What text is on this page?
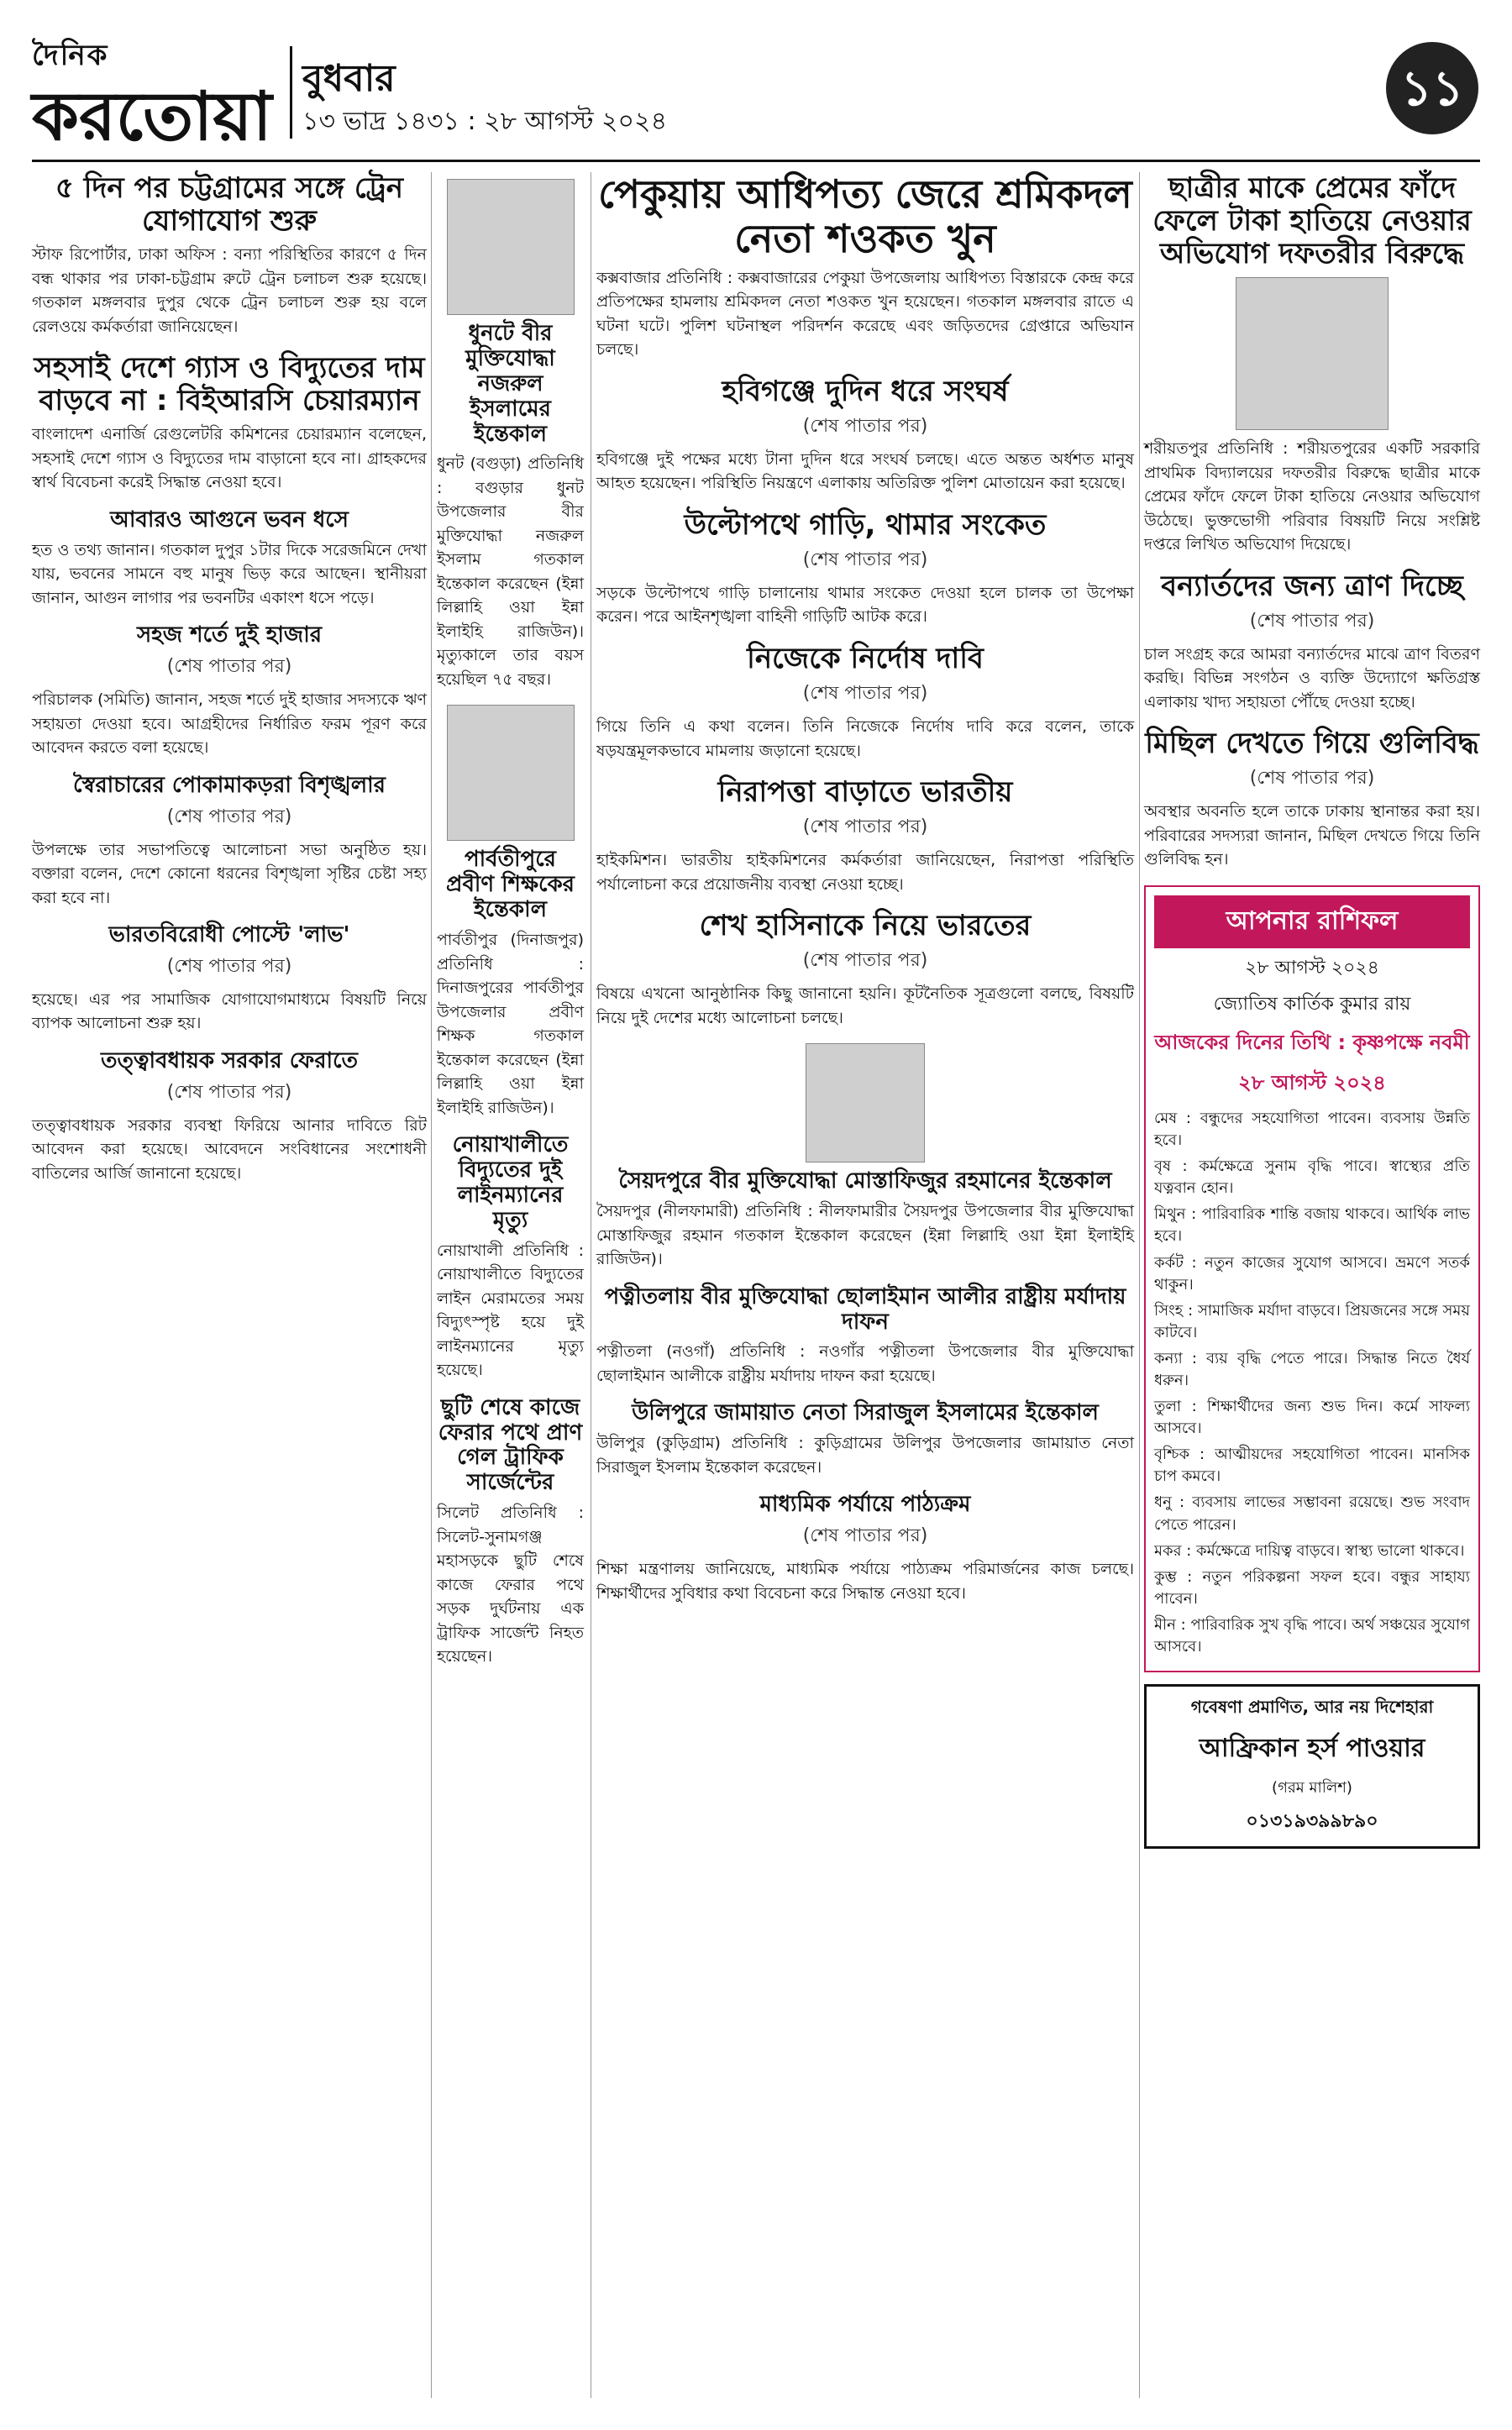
দৈনিক
করতোয়া বুধবার
১৩ ভাদ্র ১৪৩১ : ২৮ আগস্ট ২০২৪
১১
৫ দিন পর চট্টগ্রামের সঙ্গে ট্রেন যোগাযোগ শুরু

স্টাফ রিপোর্টার, ঢাকা অফিস : বন্যা পরিস্থিতির কারণে ৫ দিন বন্ধ থাকার পর ঢাকা-চট্টগ্রাম রুটে ট্রেন চলাচল শুরু হয়েছে। গতকাল মঙ্গলবার দুপুর থেকে ট্রেন চলাচল শুরু হয় বলে রেলওয়ে কর্মকর্তারা জানিয়েছেন।

সহসাই দেশে গ্যাস ও বিদ্যুতের দাম বাড়বে না : বিইআরসি চেয়ারম্যান

বাংলাদেশ এনার্জি রেগুলেটরি কমিশনের চেয়ারম্যান বলেছেন, সহসাই দেশে গ্যাস ও বিদ্যুতের দাম বাড়ানো হবে না। গ্রাহকদের স্বার্থ বিবেচনা করেই সিদ্ধান্ত নেওয়া হবে।

আবারও আগুনে ভবন ধসে

হত ও তথ্য জানান। গতকাল দুপুর ১টার দিকে সরেজমিনে দেখা যায়, ভবনের সামনে বহু মানুষ ভিড় করে আছেন। স্থানীয়রা জানান, আগুন লাগার পর ভবনটির একাংশ ধসে পড়ে।

সহজ শর্তে দুই হাজার
(শেষ পাতার পর)

পরিচালক (সমিতি) জানান, সহজ শর্তে দুই হাজার সদস্যকে ঋণ সহায়তা দেওয়া হবে। আগ্রহীদের নির্ধারিত ফরম পূরণ করে আবেদন করতে বলা হয়েছে।

স্বৈরাচারের পোকামাকড়রা বিশৃঙ্খলার
(শেষ পাতার পর)

উপলক্ষে তার সভাপতিত্বে আলোচনা সভা অনুষ্ঠিত হয়। বক্তারা বলেন, দেশে কোনো ধরনের বিশৃঙ্খলা সৃষ্টির চেষ্টা সহ্য করা হবে না।

ভারতবিরোধী পোস্টে 'লাভ'
(শেষ পাতার পর)

হয়েছে। এর পর সামাজিক যোগাযোগমাধ্যমে বিষয়টি নিয়ে ব্যাপক আলোচনা শুরু হয়।

তত্ত্বাবধায়ক সরকার ফেরাতে
(শেষ পাতার পর)

তত্ত্বাবধায়ক সরকার ব্যবস্থা ফিরিয়ে আনার দাবিতে রিট আবেদন করা হয়েছে। আবেদনে সংবিধানের সংশোধনী বাতিলের আর্জি জানানো হয়েছে।

ধুনটে বীর মুক্তিযোদ্ধা নজরুল ইসলামের ইন্তেকাল

ধুনট (বগুড়া) প্রতিনিধি : বগুড়ার ধুনট উপজেলার বীর মুক্তিযোদ্ধা নজরুল ইসলাম গতকাল ইন্তেকাল করেছেন (ইন্না লিল্লাহি ওয়া ইন্না ইলাইহি রাজিউন)। মৃত্যুকালে তার বয়স হয়েছিল ৭৫ বছর।

পার্বতীপুরে প্রবীণ শিক্ষকের ইন্তেকাল

পার্বতীপুর (দিনাজপুর) প্রতিনিধি : দিনাজপুরের পার্বতীপুর উপজেলার প্রবীণ শিক্ষক গতকাল ইন্তেকাল করেছেন (ইন্না লিল্লাহি ওয়া ইন্না ইলাইহি রাজিউন)।

নোয়াখালীতে বিদ্যুতের দুই লাইনম্যানের মৃত্যু

নোয়াখালী প্রতিনিধি : নোয়াখালীতে বিদ্যুতের লাইন মেরামতের সময় বিদ্যুৎস্পৃষ্ট হয়ে দুই লাইনম্যানের মৃত্যু হয়েছে।

ছুটি শেষে কাজে ফেরার পথে প্রাণ গেল ট্রাফিক সার্জেন্টের

সিলেট প্রতিনিধি : সিলেট-সুনামগঞ্জ মহাসড়কে ছুটি শেষে কাজে ফেরার পথে সড়ক দুর্ঘটনায় এক ট্রাফিক সার্জেন্ট নিহত হয়েছেন।

পেকুয়ায় আধিপত্য জেরে শ্রমিকদল নেতা শওকত খুন

কক্সবাজার প্রতিনিধি : কক্সবাজারের পেকুয়া উপজেলায় আধিপত্য বিস্তারকে কেন্দ্র করে প্রতিপক্ষের হামলায় শ্রমিকদল নেতা শওকত খুন হয়েছেন। গতকাল মঙ্গলবার রাতে এ ঘটনা ঘটে। পুলিশ ঘটনাস্থল পরিদর্শন করেছে এবং জড়িতদের গ্রেপ্তারে অভিযান চলছে।

হবিগঞ্জে দুদিন ধরে সংঘর্ষ
(শেষ পাতার পর)

হবিগঞ্জে দুই পক্ষের মধ্যে টানা দুদিন ধরে সংঘর্ষ চলছে। এতে অন্তত অর্ধশত মানুষ আহত হয়েছেন। পরিস্থিতি নিয়ন্ত্রণে এলাকায় অতিরিক্ত পুলিশ মোতায়েন করা হয়েছে।

উল্টোপথে গাড়ি, থামার সংকেত
(শেষ পাতার পর)

সড়কে উল্টোপথে গাড়ি চালানোয় থামার সংকেত দেওয়া হলে চালক তা উপেক্ষা করেন। পরে আইনশৃঙ্খলা বাহিনী গাড়িটি আটক করে।

নিজেকে নির্দোষ দাবি
(শেষ পাতার পর)

গিয়ে তিনি এ কথা বলেন। তিনি নিজেকে নির্দোষ দাবি করে বলেন, তাকে ষড়যন্ত্রমূলকভাবে মামলায় জড়ানো হয়েছে।

নিরাপত্তা বাড়াতে ভারতীয়
(শেষ পাতার পর)

হাইকমিশন। ভারতীয় হাইকমিশনের কর্মকর্তারা জানিয়েছেন, নিরাপত্তা পরিস্থিতি পর্যালোচনা করে প্রয়োজনীয় ব্যবস্থা নেওয়া হচ্ছে।

শেখ হাসিনাকে নিয়ে ভারতের
(শেষ পাতার পর)

বিষয়ে এখনো আনুষ্ঠানিক কিছু জানানো হয়নি। কূটনৈতিক সূত্রগুলো বলছে, বিষয়টি নিয়ে দুই দেশের মধ্যে আলোচনা চলছে।

সৈয়দপুরে বীর মুক্তিযোদ্ধা মোস্তাফিজুর রহমানের ইন্তেকাল

সৈয়দপুর (নীলফামারী) প্রতিনিধি : নীলফামারীর সৈয়দপুর উপজেলার বীর মুক্তিযোদ্ধা মোস্তাফিজুর রহমান গতকাল ইন্তেকাল করেছেন (ইন্না লিল্লাহি ওয়া ইন্না ইলাইহি রাজিউন)।

পত্নীতলায় বীর মুক্তিযোদ্ধা ছোলাইমান আলীর রাষ্ট্রীয় মর্যাদায় দাফন

পত্নীতলা (নওগাঁ) প্রতিনিধি : নওগাঁর পত্নীতলা উপজেলার বীর মুক্তিযোদ্ধা ছোলাইমান আলীকে রাষ্ট্রীয় মর্যাদায় দাফন করা হয়েছে।

উলিপুরে জামায়াত নেতা সিরাজুল ইসলামের ইন্তেকাল

উলিপুর (কুড়িগ্রাম) প্রতিনিধি : কুড়িগ্রামের উলিপুর উপজেলার জামায়াত নেতা সিরাজুল ইসলাম ইন্তেকাল করেছেন।

মাধ্যমিক পর্যায়ে পাঠ্যক্রম
(শেষ পাতার পর)

শিক্ষা মন্ত্রণালয় জানিয়েছে, মাধ্যমিক পর্যায়ে পাঠ্যক্রম পরিমার্জনের কাজ চলছে। শিক্ষার্থীদের সুবিধার কথা বিবেচনা করে সিদ্ধান্ত নেওয়া হবে।

ছাত্রীর মাকে প্রেমের ফাঁদে ফেলে টাকা হাতিয়ে নেওয়ার অভিযোগ দফতরীর বিরুদ্ধে

শরীয়তপুর প্রতিনিধি : শরীয়তপুরের একটি সরকারি প্রাথমিক বিদ্যালয়ের দফতরীর বিরুদ্ধে ছাত্রীর মাকে প্রেমের ফাঁদে ফেলে টাকা হাতিয়ে নেওয়ার অভিযোগ উঠেছে। ভুক্তভোগী পরিবার বিষয়টি নিয়ে সংশ্লিষ্ট দপ্তরে লিখিত অভিযোগ দিয়েছে।

বন্যার্তদের জন্য ত্রাণ দিচ্ছে
(শেষ পাতার পর)

চাল সংগ্রহ করে আমরা বন্যার্তদের মাঝে ত্রাণ বিতরণ করছি। বিভিন্ন সংগঠন ও ব্যক্তি উদ্যোগে ক্ষতিগ্রস্ত এলাকায় খাদ্য সহায়তা পৌঁছে দেওয়া হচ্ছে।

মিছিল দেখতে গিয়ে গুলিবিদ্ধ
(শেষ পাতার পর)

অবস্থার অবনতি হলে তাকে ঢাকায় স্থানান্তর করা হয়। পরিবারের সদস্যরা জানান, মিছিল দেখতে গিয়ে তিনি গুলিবিদ্ধ হন।

আপনার রাশিফল
২৮ আগস্ট ২০২৪
জ্যোতিষ কার্তিক কুমার রায়
আজকের দিনের তিথি : কৃষ্ণপক্ষে নবমী
২৮ আগস্ট ২০২৪
মেষ : বন্ধুদের সহযোগিতা পাবেন। ব্যবসায় উন্নতি হবে।
বৃষ : কর্মক্ষেত্রে সুনাম বৃদ্ধি পাবে। স্বাস্থ্যের প্রতি যত্নবান হোন।
মিথুন : পারিবারিক শান্তি বজায় থাকবে। আর্থিক লাভ হবে।
কর্কট : নতুন কাজের সুযোগ আসবে। ভ্রমণে সতর্ক থাকুন।
সিংহ : সামাজিক মর্যাদা বাড়বে। প্রিয়জনের সঙ্গে সময় কাটবে।
কন্যা : ব্যয় বৃদ্ধি পেতে পারে। সিদ্ধান্ত নিতে ধৈর্য ধরুন।
তুলা : শিক্ষার্থীদের জন্য শুভ দিন। কর্মে সাফল্য আসবে।
বৃশ্চিক : আত্মীয়দের সহযোগিতা পাবেন। মানসিক চাপ কমবে।
ধনু : ব্যবসায় লাভের সম্ভাবনা রয়েছে। শুভ সংবাদ পেতে পারেন।
মকর : কর্মক্ষেত্রে দায়িত্ব বাড়বে। স্বাস্থ্য ভালো থাকবে।
কুম্ভ : নতুন পরিকল্পনা সফল হবে। বন্ধুর সাহায্য পাবেন।
মীন : পারিবারিক সুখ বৃদ্ধি পাবে। অর্থ সঞ্চয়ের সুযোগ আসবে।
গবেষণা প্রমাণিত, আর নয় দিশেহারা
আফ্রিকান হর্স পাওয়ার
(গরম মালিশ)
০১৩১৯৩৯৯৮৯০
